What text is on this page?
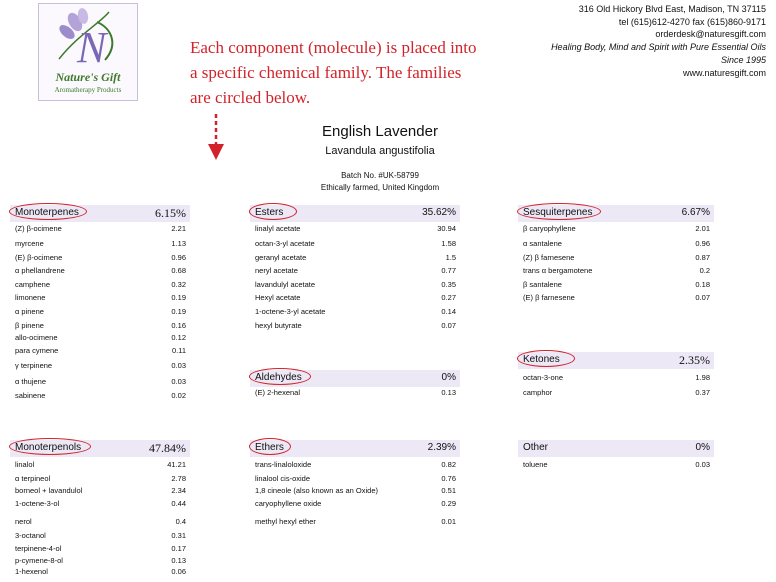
N
Nature's Gift
Aromatherapy Products
316 Old Hickory Blvd East, Madison, TN 37115
tel (615)612-4270 fax (615)860-9171
orderdesk@naturesgift.com
Healing Body, Mind and Spirit with Pure Essential Oils
Since 1995
www.naturesgift.com
Each component (molecule) is placed into
a specific chemical family. The families
are circled below.
English Lavender
Lavandula angustifolia
Batch No. #UK-58799
Ethically farmed, United Kingdom
Monoterpenes	6.15%
(Z) β-ocimene	2.21
myrcene	1.13
(E) β-ocimene	0.96
α phellandrene	0.68
camphene	0.32
limonene	0.19
α pinene	0.19
β pinene	0.16
allo-ocimene	0.12
para cymene	0.11
γ terpinene	0.03
α thujene	0.03
sabinene	0.02
Esters	35.62%
linalyl acetate	30.94
octan-3-yl acetate	1.58
geranyl acetate	1.5
neryl acetate	0.77
lavandulyl acetate	0.35
Hexyl acetate	0.27
1-octene-3-yl acetate	0.14
hexyl butyrate	0.07
Sesquiterpenes	6.67%
β caryophyllene	2.01
α santalene	0.96
(Z) β farnesene	0.87
trans α bergamotene	0.2
β santalene	0.18
(E) β farnesene	0.07
Aldehydes	0%
(E) 2-hexenal	0.13
Ketones	2.35%
octan-3-one	1.98
camphor	0.37
Monoterpenols	47.84%
linalol	41.21
α terpineol	2.78
borneol + lavandulol	2.34
1-octene-3-ol	0.44
nerol	0.4
3-octanol	0.31
terpinene-4-ol	0.17
p-cymene-8-ol	0.13
1-hexenol	0.06
Ethers	2.39%
trans-linaloloxide	0.82
linalool cis-oxide	0.76
1,8 cineole (also known as an Oxide)	0.51
caryophyllene oxide	0.29
methyl hexyl ether	0.01
Other	0%
toluene	0.03
